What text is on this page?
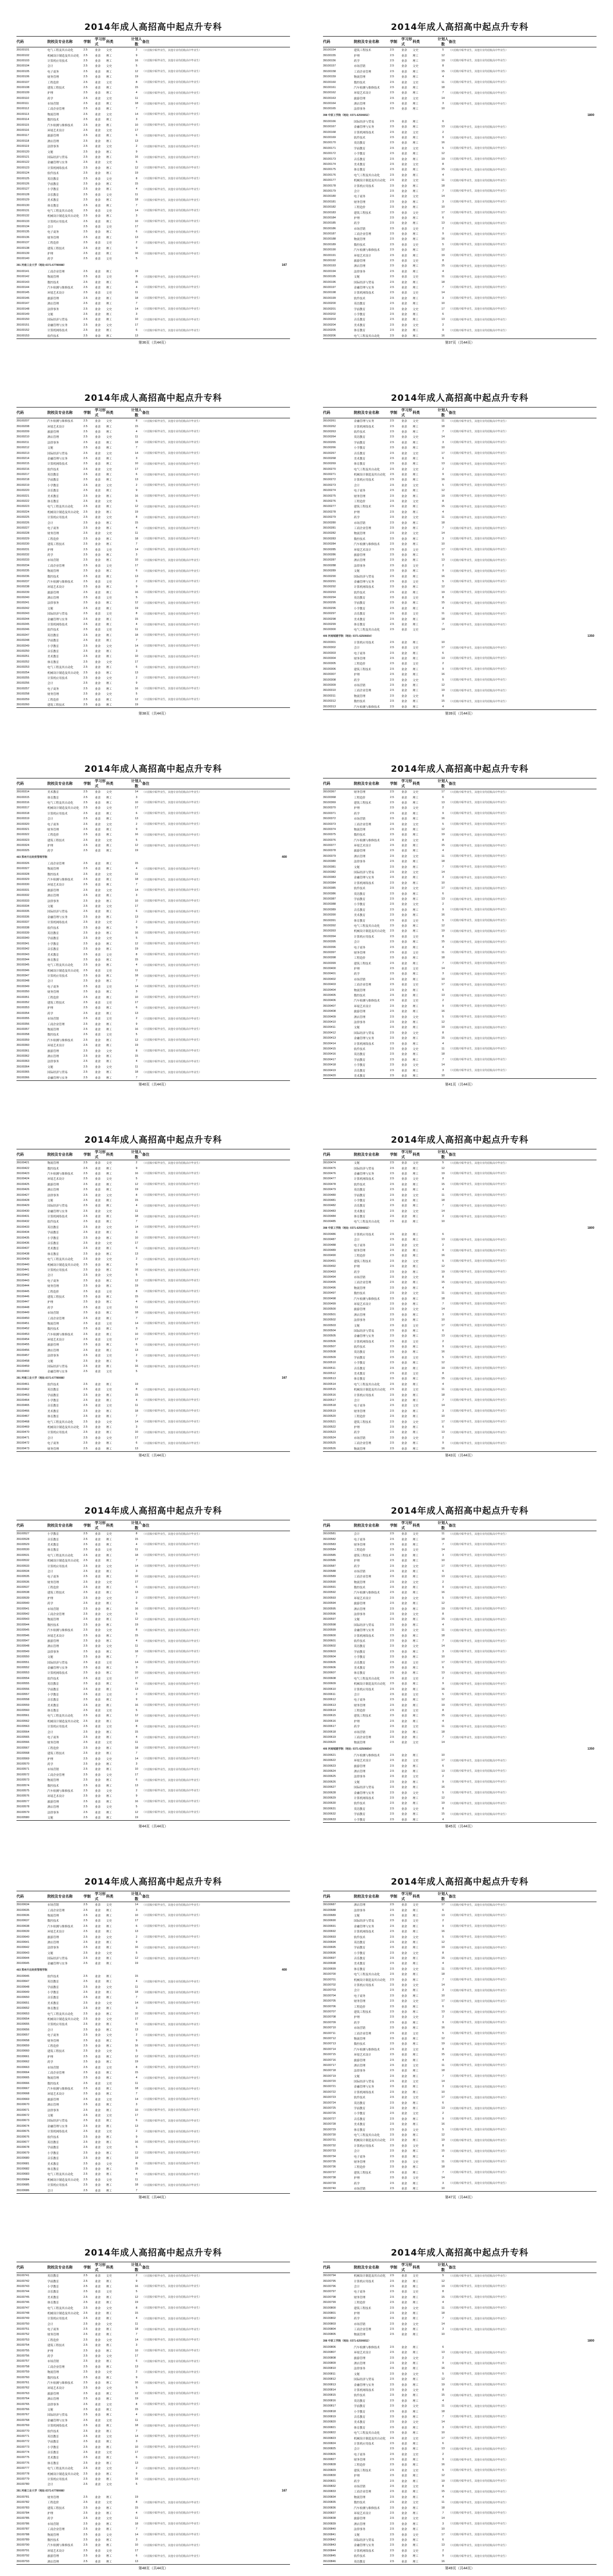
2014年成人高招高中起点升专科
代码	院校及专业名称	学制
学习形式
科类
计划人数
备注
39100101	电气工程及其自动化	2.5	业余	文史	2	（只招收中职毕业生，其他专业均招收高中毕业生）
39100102	机械设计制造及其自动化	2.5	业余	理工	9
39100103	计算机应用技术	2.5	业余	理工	16	（只招收中职毕业生，其他专业均招收高中毕业生）
39100104	会计	2.5	业余	文史	5
39100105	电子商务	2.5	业余	理工	12	（只招收中职毕业生，其他专业均招收高中毕业生）
39100106	财务管理	2.5	业余	理工	19
39100107	工程造价	2.5	业余	文史	8	（只招收中职毕业生，其他专业均招收高中毕业生）
39100108	建筑工程技术	2.5	业余	理工	15
39100109	护理	2.5	业余	理工	4	（只招收中职毕业生，其他专业均招收高中毕业生）
39100110	药学	2.5	业余	文史	11
39100111	市场营销	2.5	业余	理工	18	（只招收中职毕业生，其他专业均招收高中毕业生）
39100112	工商企业管理	2.5	业余	理工	7
39100113	物流管理	2.5	业余	文史	14	（只招收中职毕业生，其他专业均招收高中毕业生）
39100114	数控技术	2.5	业余	理工	3
39100115	汽车检测与维修技术	2.5	业余	理工	10	（只招收中职毕业生，其他专业均招收高中毕业生）
39100116	环境艺术设计	2.5	业余	文史	17
39100117	旅游管理	2.5	业余	理工	6	（只招收中职毕业生，其他专业均招收高中毕业生）
39100118	酒店管理	2.5	业余	理工	13
39100119	法律事务	2.5	业余	文史	2	（只招收中职毕业生，其他专业均招收高中毕业生）
39100120	文秘	2.5	业余	理工	9
39100121	国际经济与贸易	2.5	业余	理工	16	（只招收中职毕业生，其他专业均招收高中毕业生）
39100122	金融管理与实务	2.5	业余	文史	5
39100123	计算机网络技术	2.5	业余	理工	12	（只招收中职毕业生，其他专业均招收高中毕业生）
39100124	软件技术	2.5	业余	理工	19
39100125	英语教育	2.5	业余	文史	8	（只招收中职毕业生，其他专业均招收高中毕业生）
39100126	学前教育	2.5	业余	理工	15
39100127	小学教育	2.5	业余	理工	4	（只招收中职毕业生，其他专业均招收高中毕业生）
39100128	音乐教育	2.5	业余	文史	11
39100129	美术教育	2.5	业余	理工	18	（只招收中职毕业生，其他专业均招收高中毕业生）
39100130	体育教育	2.5	业余	理工	7
39100131	电气工程及其自动化	2.5	业余	文史	14	（只招收中职毕业生，其他专业均招收高中毕业生）
39100132	机械设计制造及其自动化	2.5	业余	理工	3
39100133	计算机应用技术	2.5	业余	理工	10	（只招收中职毕业生，其他专业均招收高中毕业生）
39100134	会计	2.5	业余	文史	17
39100135	电子商务	2.5	业余	理工	6	（只招收中职毕业生，其他专业均招收高中毕业生）
39100136	财务管理	2.5	业余	理工	13
39100137	工程造价	2.5	业余	文史	2	（只招收中职毕业生，其他专业均招收高中毕业生）
39100138	建筑工程技术	2.5	业余	理工	9
39100139	护理	2.5	业余	理工	16	（只招收中职毕业生，其他专业均招收高中毕业生）
39100140	药学	2.5	业余	文史	5
391 河南工业大学（地址:0371-67789088）	167
39100141	工商企业管理	2.5	业余	理工	19
39100142	物流管理	2.5	业余	文史	8	（只招收中职毕业生，其他专业均招收高中毕业生）
39100143	数控技术	2.5	业余	理工	15
39100144	汽车检测与维修技术	2.5	业余	理工	4	（只招收中职毕业生，其他专业均招收高中毕业生）
39100145	环境艺术设计	2.5	业余	文史	11
39100146	旅游管理	2.5	业余	理工	18	（只招收中职毕业生，其他专业均招收高中毕业生）
39100147	酒店管理	2.5	业余	理工	7
39100148	法律事务	2.5	业余	文史	14	（只招收中职毕业生，其他专业均招收高中毕业生）
39100149	文秘	2.5	业余	理工	3
39100150	国际经济与贸易	2.5	业余	理工	10	（只招收中职毕业生，其他专业均招收高中毕业生）
39100151	金融管理与实务	2.5	业余	文史	17
39100152	计算机网络技术	2.5	业余	理工	6	（只招收中职毕业生，其他专业均招收高中毕业生）
39100153	软件技术	2.5	业余	理工	13
第36页（共44页）
2014年成人高招高中起点升专科
代码	院校及专业名称	学制
学习形式
科类
计划人数
备注
39100154	建筑工程技术	2.5	业余	文史	5	（只招收中职毕业生，其他专业均招收高中毕业生）
39100155	护理	2.5	业余	理工	12
39100156	药学	2.5	业余	理工	19	（只招收中职毕业生，其他专业均招收高中毕业生）
39100157	市场营销	2.5	业余	文史	8
39100158	工商企业管理	2.5	业余	理工	15	（只招收中职毕业生，其他专业均招收高中毕业生）
39100159	物流管理	2.5	业余	理工	4
39100160	数控技术	2.5	业余	文史	11	（只招收中职毕业生，其他专业均招收高中毕业生）
39100161	汽车检测与维修技术	2.5	业余	理工	18
39100162	环境艺术设计	2.5	业余	理工	7	（只招收中职毕业生，其他专业均招收高中毕业生）
39100163	旅游管理	2.5	业余	文史	14
39100164	酒店管理	2.5	业余	理工	3	（只招收中职毕业生，其他专业均招收高中毕业生）
39100165	法律事务	2.5	业余	理工	10
398 中原工学院（地址: 0371-62506652）	1800
39100166	国际经济与贸易	2.5	业余	理工	6
39100167	金融管理与实务	2.5	业余	理工	13	（只招收中职毕业生，其他专业均招收高中毕业生）
39100168	计算机网络技术	2.5	业余	文史	2
39100169	软件技术	2.5	业余	理工	9	（只招收中职毕业生，其他专业均招收高中毕业生）
39100170	英语教育	2.5	业余	理工	16
39100171	学前教育	2.5	业余	文史	5	（只招收中职毕业生，其他专业均招收高中毕业生）
39100172	小学教育	2.5	业余	理工	12
39100173	音乐教育	2.5	业余	理工	19	（只招收中职毕业生，其他专业均招收高中毕业生）
39100174	美术教育	2.5	业余	文史	8
39100175	体育教育	2.5	业余	理工	15	（只招收中职毕业生，其他专业均招收高中毕业生）
39100176	电气工程及其自动化	2.5	业余	理工	4
39100177	机械设计制造及其自动化	2.5	业余	文史	11	（只招收中职毕业生，其他专业均招收高中毕业生）
39100178	计算机应用技术	2.5	业余	理工	18
39100179	会计	2.5	业余	理工	7	（只招收中职毕业生，其他专业均招收高中毕业生）
39100180	电子商务	2.5	业余	文史	14
39100181	财务管理	2.5	业余	理工	3	（只招收中职毕业生，其他专业均招收高中毕业生）
39100182	工程造价	2.5	业余	理工	10
39100183	建筑工程技术	2.5	业余	文史	17	（只招收中职毕业生，其他专业均招收高中毕业生）
39100184	护理	2.5	业余	理工	6
39100185	药学	2.5	业余	理工	13	（只招收中职毕业生，其他专业均招收高中毕业生）
39100186	市场营销	2.5	业余	文史	2
39100187	工商企业管理	2.5	业余	理工	9	（只招收中职毕业生，其他专业均招收高中毕业生）
39100188	物流管理	2.5	业余	理工	16
39100189	数控技术	2.5	业余	文史	5	（只招收中职毕业生，其他专业均招收高中毕业生）
39100190	汽车检测与维修技术	2.5	业余	理工	12
39100191	环境艺术设计	2.5	业余	理工	19	（只招收中职毕业生，其他专业均招收高中毕业生）
39100192	旅游管理	2.5	业余	文史	8
39100193	酒店管理	2.5	业余	理工	15	（只招收中职毕业生，其他专业均招收高中毕业生）
39100194	法律事务	2.5	业余	理工	4
39100195	文秘	2.5	业余	文史	11	（只招收中职毕业生，其他专业均招收高中毕业生）
39100196	国际经济与贸易	2.5	业余	理工	18
39100197	金融管理与实务	2.5	业余	理工	7	（只招收中职毕业生，其他专业均招收高中毕业生）
39100198	计算机网络技术	2.5	业余	文史	14
39100199	软件技术	2.5	业余	理工	3	（只招收中职毕业生，其他专业均招收高中毕业生）
39100200	英语教育	2.5	业余	理工	10
39100201	学前教育	2.5	业余	文史	17	（只招收中职毕业生，其他专业均招收高中毕业生）
39100202	小学教育	2.5	业余	理工	6
39100203	音乐教育	2.5	业余	理工	13	（只招收中职毕业生，其他专业均招收高中毕业生）
39100204	美术教育	2.5	业余	文史	2
39100205	体育教育	2.5	业余	理工	9	（只招收中职毕业生，其他专业均招收高中毕业生）
39100206	电气工程及其自动化	2.5	业余	理工	16
第37页（共44页）
2014年成人高招高中起点升专科
代码	院校及专业名称	学制
学习形式
科类
计划人数
备注
39100207	汽车检测与维修技术	2.5	业余	文史	8	（只招收中职毕业生，其他专业均招收高中毕业生）
39100208	环境艺术设计	2.5	业余	理工	15
39100209	旅游管理	2.5	业余	理工	4	（只招收中职毕业生，其他专业均招收高中毕业生）
39100210	酒店管理	2.5	业余	文史	11
39100211	法律事务	2.5	业余	理工	18	（只招收中职毕业生，其他专业均招收高中毕业生）
39100212	文秘	2.5	业余	理工	7
39100213	国际经济与贸易	2.5	业余	文史	14	（只招收中职毕业生，其他专业均招收高中毕业生）
39100214	金融管理与实务	2.5	业余	理工	3
39100215	计算机网络技术	2.5	业余	理工	10	（只招收中职毕业生，其他专业均招收高中毕业生）
39100216	软件技术	2.5	业余	文史	17
39100217	英语教育	2.5	业余	理工	6	（只招收中职毕业生，其他专业均招收高中毕业生）
39100218	学前教育	2.5	业余	理工	13
39100219	小学教育	2.5	业余	文史	2	（只招收中职毕业生，其他专业均招收高中毕业生）
39100220	音乐教育	2.5	业余	理工	9
39100221	美术教育	2.5	业余	理工	16	（只招收中职毕业生，其他专业均招收高中毕业生）
39100222	体育教育	2.5	业余	文史	5
39100223	电气工程及其自动化	2.5	业余	理工	12	（只招收中职毕业生，其他专业均招收高中毕业生）
39100224	机械设计制造及其自动化	2.5	业余	理工	19
39100225	计算机应用技术	2.5	业余	文史	8	（只招收中职毕业生，其他专业均招收高中毕业生）
39100226	会计	2.5	业余	理工	15
39100227	电子商务	2.5	业余	理工	4	（只招收中职毕业生，其他专业均招收高中毕业生）
39100228	财务管理	2.5	业余	文史	11
39100229	工程造价	2.5	业余	理工	18	（只招收中职毕业生，其他专业均招收高中毕业生）
39100230	建筑工程技术	2.5	业余	理工	7
39100231	护理	2.5	业余	文史	14	（只招收中职毕业生，其他专业均招收高中毕业生）
39100232	药学	2.5	业余	理工	3
39100233	市场营销	2.5	业余	理工	10	（只招收中职毕业生，其他专业均招收高中毕业生）
39100234	工商企业管理	2.5	业余	文史	17
39100235	物流管理	2.5	业余	理工	6	（只招收中职毕业生，其他专业均招收高中毕业生）
39100236	数控技术	2.5	业余	理工	13
39100237	汽车检测与维修技术	2.5	业余	文史	2	（只招收中职毕业生，其他专业均招收高中毕业生）
39100238	环境艺术设计	2.5	业余	理工	9
39100239	旅游管理	2.5	业余	理工	16	（只招收中职毕业生，其他专业均招收高中毕业生）
39100240	酒店管理	2.5	业余	文史	5
39100241	法律事务	2.5	业余	理工	12	（只招收中职毕业生，其他专业均招收高中毕业生）
39100242	文秘	2.5	业余	理工	19
39100243	国际经济与贸易	2.5	业余	文史	8	（只招收中职毕业生，其他专业均招收高中毕业生）
39100244	金融管理与实务	2.5	业余	理工	15
39100245	计算机网络技术	2.5	业余	理工	4	（只招收中职毕业生，其他专业均招收高中毕业生）
39100246	软件技术	2.5	业余	文史	11
39100247	英语教育	2.5	业余	理工	18	（只招收中职毕业生，其他专业均招收高中毕业生）
39100248	学前教育	2.5	业余	理工	7
39100249	小学教育	2.5	业余	文史	14	（只招收中职毕业生，其他专业均招收高中毕业生）
39100250	音乐教育	2.5	业余	理工	3
39100251	美术教育	2.5	业余	理工	10	（只招收中职毕业生，其他专业均招收高中毕业生）
39100252	体育教育	2.5	业余	文史	17
39100253	电气工程及其自动化	2.5	业余	理工	6	（只招收中职毕业生，其他专业均招收高中毕业生）
39100254	机械设计制造及其自动化	2.5	业余	理工	13
39100255	计算机应用技术	2.5	业余	文史	2	（只招收中职毕业生，其他专业均招收高中毕业生）
39100256	会计	2.5	业余	理工	9
39100257	电子商务	2.5	业余	理工	16	（只招收中职毕业生，其他专业均招收高中毕业生）
39100258	财务管理	2.5	业余	文史	5
39100259	工程造价	2.5	业余	理工	12	（只招收中职毕业生，其他专业均招收高中毕业生）
39100260	建筑工程技术	2.5	业余	理工	19
第38页（共44页）
2014年成人高招高中起点升专科
代码	院校及专业名称	学制
学习形式
科类
计划人数
备注
39100261	金融管理与实务	2.5	业余	文史	11	（只招收中职毕业生，其他专业均招收高中毕业生）
39100262	计算机网络技术	2.5	业余	理工	18
39100263	软件技术	2.5	业余	理工	7	（只招收中职毕业生，其他专业均招收高中毕业生）
39100264	英语教育	2.5	业余	文史	14
39100265	学前教育	2.5	业余	理工	3	（只招收中职毕业生，其他专业均招收高中毕业生）
39100266	小学教育	2.5	业余	理工	10
39100267	音乐教育	2.5	业余	文史	17	（只招收中职毕业生，其他专业均招收高中毕业生）
39100268	美术教育	2.5	业余	理工	6
39100269	体育教育	2.5	业余	理工	13	（只招收中职毕业生，其他专业均招收高中毕业生）
39100270	电气工程及其自动化	2.5	业余	文史	2
39100271	机械设计制造及其自动化	2.5	业余	理工	9	（只招收中职毕业生，其他专业均招收高中毕业生）
39100272	计算机应用技术	2.5	业余	理工	16
39100273	会计	2.5	业余	文史	5	（只招收中职毕业生，其他专业均招收高中毕业生）
39100274	电子商务	2.5	业余	理工	12
39100275	财务管理	2.5	业余	理工	19	（只招收中职毕业生，其他专业均招收高中毕业生）
39100276	工程造价	2.5	业余	文史	8
39100277	建筑工程技术	2.5	业余	理工	15	（只招收中职毕业生，其他专业均招收高中毕业生）
39100278	护理	2.5	业余	理工	4
39100279	药学	2.5	业余	文史	11	（只招收中职毕业生，其他专业均招收高中毕业生）
39100280	市场营销	2.5	业余	理工	18
39100281	工商企业管理	2.5	业余	理工	7	（只招收中职毕业生，其他专业均招收高中毕业生）
39100282	物流管理	2.5	业余	文史	14
39100283	数控技术	2.5	业余	理工	3	（只招收中职毕业生，其他专业均招收高中毕业生）
39100284	汽车检测与维修技术	2.5	业余	理工	10
39100285	环境艺术设计	2.5	业余	文史	17	（只招收中职毕业生，其他专业均招收高中毕业生）
39100286	旅游管理	2.5	业余	理工	6
39100287	酒店管理	2.5	业余	理工	13	（只招收中职毕业生，其他专业均招收高中毕业生）
39100288	法律事务	2.5	业余	文史	2
39100289	文秘	2.5	业余	理工	9	（只招收中职毕业生，其他专业均招收高中毕业生）
39100290	国际经济与贸易	2.5	业余	理工	16
39100291	金融管理与实务	2.5	业余	文史	5	（只招收中职毕业生，其他专业均招收高中毕业生）
39100292	计算机网络技术	2.5	业余	理工	12
39100293	软件技术	2.5	业余	理工	19	（只招收中职毕业生，其他专业均招收高中毕业生）
39100294	英语教育	2.5	业余	文史	8
39100295	学前教育	2.5	业余	理工	15	（只招收中职毕业生，其他专业均招收高中毕业生）
39100296	小学教育	2.5	业余	理工	4
39100297	音乐教育	2.5	业余	文史	11	（只招收中职毕业生，其他专业均招收高中毕业生）
39100298	美术教育	2.5	业余	理工	18
39100299	体育教育	2.5	业余	理工	7	（只招收中职毕业生，其他专业均招收高中毕业生）
39100300	电气工程及其自动化	2.5	业余	文史	14
406 河南城建学院（地址: 0371-62506654）	1350
39100301	计算机应用技术	2.5	业余	理工	10
39100302	会计	2.5	业余	文史	17	（只招收中职毕业生，其他专业均招收高中毕业生）
39100303	电子商务	2.5	业余	理工	6
39100304	财务管理	2.5	业余	理工	13	（只招收中职毕业生，其他专业均招收高中毕业生）
39100305	工程造价	2.5	业余	文史	2
39100306	建筑工程技术	2.5	业余	理工	9	（只招收中职毕业生，其他专业均招收高中毕业生）
39100307	护理	2.5	业余	理工	16
39100308	药学	2.5	业余	文史	5	（只招收中职毕业生，其他专业均招收高中毕业生）
39100309	市场营销	2.5	业余	理工	12
39100310	工商企业管理	2.5	业余	理工	19	（只招收中职毕业生，其他专业均招收高中毕业生）
39100311	物流管理	2.5	业余	文史	8
39100312	数控技术	2.5	业余	理工	15	（只招收中职毕业生，其他专业均招收高中毕业生）
39100313	汽车检测与维修技术	2.5	业余	理工	4
第39页（共44页）
2014年成人高招高中起点升专科
代码	院校及专业名称	学制
学习形式
科类
计划人数
备注
39100314	美术教育	2.5	业余	文史	14	（只招收中职毕业生，其他专业均招收高中毕业生）
39100315	体育教育	2.5	业余	理工	3
39100316	电气工程及其自动化	2.5	业余	理工	10	（只招收中职毕业生，其他专业均招收高中毕业生）
39100317	机械设计制造及其自动化	2.5	业余	文史	17
39100318	计算机应用技术	2.5	业余	理工	6	（只招收中职毕业生，其他专业均招收高中毕业生）
39100319	会计	2.5	业余	理工	13
39100320	电子商务	2.5	业余	文史	2	（只招收中职毕业生，其他专业均招收高中毕业生）
39100321	财务管理	2.5	业余	理工	9
39100322	工程造价	2.5	业余	理工	16	（只招收中职毕业生，其他专业均招收高中毕业生）
39100323	建筑工程技术	2.5	业余	文史	5
39100324	护理	2.5	业余	理工	12	（只招收中职毕业生，其他专业均招收高中毕业生）
39100325	药学	2.5	业余	理工	19
403 郑州升达经贸管理学院	400
39100326	工商企业管理	2.5	业余	理工	15
39100327	物流管理	2.5	业余	理工	4	（只招收中职毕业生，其他专业均招收高中毕业生）
39100328	数控技术	2.5	业余	文史	11
39100329	汽车检测与维修技术	2.5	业余	理工	18	（只招收中职毕业生，其他专业均招收高中毕业生）
39100330	环境艺术设计	2.5	业余	理工	7
39100331	旅游管理	2.5	业余	文史	14	（只招收中职毕业生，其他专业均招收高中毕业生）
39100332	酒店管理	2.5	业余	理工	3
39100333	法律事务	2.5	业余	理工	10	（只招收中职毕业生，其他专业均招收高中毕业生）
39100334	文秘	2.5	业余	文史	17
39100335	国际经济与贸易	2.5	业余	理工	6	（只招收中职毕业生，其他专业均招收高中毕业生）
39100336	金融管理与实务	2.5	业余	理工	13
39100337	计算机网络技术	2.5	业余	文史	2	（只招收中职毕业生，其他专业均招收高中毕业生）
39100338	软件技术	2.5	业余	理工	9
39100339	英语教育	2.5	业余	理工	16	（只招收中职毕业生，其他专业均招收高中毕业生）
39100340	学前教育	2.5	业余	文史	5
39100341	小学教育	2.5	业余	理工	12	（只招收中职毕业生，其他专业均招收高中毕业生）
39100342	音乐教育	2.5	业余	理工	19
39100343	美术教育	2.5	业余	文史	8	（只招收中职毕业生，其他专业均招收高中毕业生）
39100344	体育教育	2.5	业余	理工	15
39100345	电气工程及其自动化	2.5	业余	理工	4	（只招收中职毕业生，其他专业均招收高中毕业生）
39100346	机械设计制造及其自动化	2.5	业余	文史	11
39100347	计算机应用技术	2.5	业余	理工	18	（只招收中职毕业生，其他专业均招收高中毕业生）
39100348	会计	2.5	业余	理工	7
39100349	电子商务	2.5	业余	文史	14	（只招收中职毕业生，其他专业均招收高中毕业生）
39100350	财务管理	2.5	业余	理工	3
39100351	工程造价	2.5	业余	理工	10	（只招收中职毕业生，其他专业均招收高中毕业生）
39100352	建筑工程技术	2.5	业余	文史	17
39100353	护理	2.5	业余	理工	6	（只招收中职毕业生，其他专业均招收高中毕业生）
39100354	药学	2.5	业余	理工	13
39100355	市场营销	2.5	业余	文史	2	（只招收中职毕业生，其他专业均招收高中毕业生）
39100356	工商企业管理	2.5	业余	理工	9
39100357	物流管理	2.5	业余	理工	16	（只招收中职毕业生，其他专业均招收高中毕业生）
39100358	数控技术	2.5	业余	文史	5
39100359	汽车检测与维修技术	2.5	业余	理工	12	（只招收中职毕业生，其他专业均招收高中毕业生）
39100360	环境艺术设计	2.5	业余	理工	19
39100361	旅游管理	2.5	业余	文史	8	（只招收中职毕业生，其他专业均招收高中毕业生）
39100362	酒店管理	2.5	业余	理工	15
39100363	法律事务	2.5	业余	理工	4	（只招收中职毕业生，其他专业均招收高中毕业生）
39100364	文秘	2.5	业余	文史	11
39100365	国际经济与贸易	2.5	业余	理工	18	（只招收中职毕业生，其他专业均招收高中毕业生）
39100366	金融管理与实务	2.5	业余	理工	7
第40页（共44页）
2014年成人高招高中起点升专科
代码	院校及专业名称	学制
学习形式
科类
计划人数
备注
39100367	财务管理	2.5	业余	文史	17	（只招收中职毕业生，其他专业均招收高中毕业生）
39100368	工程造价	2.5	业余	理工	6
39100369	建筑工程技术	2.5	业余	理工	13	（只招收中职毕业生，其他专业均招收高中毕业生）
39100370	护理	2.5	业余	文史	2
39100371	药学	2.5	业余	理工	9	（只招收中职毕业生，其他专业均招收高中毕业生）
39100372	市场营销	2.5	业余	理工	16
39100373	工商企业管理	2.5	业余	文史	5	（只招收中职毕业生，其他专业均招收高中毕业生）
39100374	物流管理	2.5	业余	理工	12
39100375	数控技术	2.5	业余	理工	19	（只招收中职毕业生，其他专业均招收高中毕业生）
39100376	汽车检测与维修技术	2.5	业余	文史	8
39100377	环境艺术设计	2.5	业余	理工	15	（只招收中职毕业生，其他专业均招收高中毕业生）
39100378	旅游管理	2.5	业余	理工	4
39100379	酒店管理	2.5	业余	文史	11	（只招收中职毕业生，其他专业均招收高中毕业生）
39100380	法律事务	2.5	业余	理工	18
39100381	文秘	2.5	业余	理工	7	（只招收中职毕业生，其他专业均招收高中毕业生）
39100382	国际经济与贸易	2.5	业余	文史	14
39100383	金融管理与实务	2.5	业余	理工	3	（只招收中职毕业生，其他专业均招收高中毕业生）
39100384	计算机网络技术	2.5	业余	理工	10
39100385	软件技术	2.5	业余	文史	17	（只招收中职毕业生，其他专业均招收高中毕业生）
39100386	英语教育	2.5	业余	理工	6
39100387	学前教育	2.5	业余	理工	13	（只招收中职毕业生，其他专业均招收高中毕业生）
39100388	小学教育	2.5	业余	文史	2
39100389	音乐教育	2.5	业余	理工	9	（只招收中职毕业生，其他专业均招收高中毕业生）
39100390	美术教育	2.5	业余	理工	16
39100391	体育教育	2.5	业余	文史	5	（只招收中职毕业生，其他专业均招收高中毕业生）
39100392	电气工程及其自动化	2.5	业余	理工	12
39100393	机械设计制造及其自动化	2.5	业余	理工	19	（只招收中职毕业生，其他专业均招收高中毕业生）
39100394	计算机应用技术	2.5	业余	文史	8
39100395	会计	2.5	业余	理工	15	（只招收中职毕业生，其他专业均招收高中毕业生）
39100396	电子商务	2.5	业余	理工	4
39100397	财务管理	2.5	业余	文史	11	（只招收中职毕业生，其他专业均招收高中毕业生）
39100398	工程造价	2.5	业余	理工	18
39100399	建筑工程技术	2.5	业余	理工	7	（只招收中职毕业生，其他专业均招收高中毕业生）
39100400	护理	2.5	业余	文史	14
39100401	药学	2.5	业余	理工	3	（只招收中职毕业生，其他专业均招收高中毕业生）
39100402	市场营销	2.5	业余	理工	10
39100403	工商企业管理	2.5	业余	文史	17	（只招收中职毕业生，其他专业均招收高中毕业生）
39100404	物流管理	2.5	业余	理工	6
39100405	数控技术	2.5	业余	理工	13	（只招收中职毕业生，其他专业均招收高中毕业生）
39100406	汽车检测与维修技术	2.5	业余	文史	2
39100407	环境艺术设计	2.5	业余	理工	9	（只招收中职毕业生，其他专业均招收高中毕业生）
39100408	旅游管理	2.5	业余	理工	16
39100409	酒店管理	2.5	业余	文史	5	（只招收中职毕业生，其他专业均招收高中毕业生）
39100410	法律事务	2.5	业余	理工	12
39100411	文秘	2.5	业余	理工	19	（只招收中职毕业生，其他专业均招收高中毕业生）
39100412	国际经济与贸易	2.5	业余	文史	8
39100413	金融管理与实务	2.5	业余	理工	15	（只招收中职毕业生，其他专业均招收高中毕业生）
39100414	计算机网络技术	2.5	业余	理工	4
39100415	软件技术	2.5	业余	文史	11	（只招收中职毕业生，其他专业均招收高中毕业生）
39100416	英语教育	2.5	业余	理工	18
39100417	学前教育	2.5	业余	理工	7	（只招收中职毕业生，其他专业均招收高中毕业生）
39100418	小学教育	2.5	业余	文史	14
39100419	音乐教育	2.5	业余	理工	3	（只招收中职毕业生，其他专业均招收高中毕业生）
39100420	美术教育	2.5	业余	理工	10
第41页（共44页）
2014年成人高招高中起点升专科
代码	院校及专业名称	学制
学习形式
科类
计划人数
备注
39100421	物流管理	2.5	业余	文史	2	（只招收中职毕业生，其他专业均招收高中毕业生）
39100422	数控技术	2.5	业余	理工	9
39100423	汽车检测与维修技术	2.5	业余	理工	16	（只招收中职毕业生，其他专业均招收高中毕业生）
39100424	环境艺术设计	2.5	业余	文史	5
39100425	旅游管理	2.5	业余	理工	12	（只招收中职毕业生，其他专业均招收高中毕业生）
39100426	酒店管理	2.5	业余	理工	19
39100427	法律事务	2.5	业余	文史	8	（只招收中职毕业生，其他专业均招收高中毕业生）
39100428	文秘	2.5	业余	理工	15
39100429	国际经济与贸易	2.5	业余	理工	4	（只招收中职毕业生，其他专业均招收高中毕业生）
39100430	金融管理与实务	2.5	业余	文史	11
39100431	计算机网络技术	2.5	业余	理工	18	（只招收中职毕业生，其他专业均招收高中毕业生）
39100432	软件技术	2.5	业余	理工	7
39100433	英语教育	2.5	业余	文史	14	（只招收中职毕业生，其他专业均招收高中毕业生）
39100434	学前教育	2.5	业余	理工	3
39100435	小学教育	2.5	业余	理工	10	（只招收中职毕业生，其他专业均招收高中毕业生）
39100436	音乐教育	2.5	业余	文史	17
39100437	美术教育	2.5	业余	理工	6	（只招收中职毕业生，其他专业均招收高中毕业生）
39100438	体育教育	2.5	业余	理工	13
39100439	电气工程及其自动化	2.5	业余	文史	2	（只招收中职毕业生，其他专业均招收高中毕业生）
39100440	机械设计制造及其自动化	2.5	业余	理工	9
39100441	计算机应用技术	2.5	业余	理工	16	（只招收中职毕业生，其他专业均招收高中毕业生）
39100442	会计	2.5	业余	文史	5
39100443	电子商务	2.5	业余	理工	12	（只招收中职毕业生，其他专业均招收高中毕业生）
39100444	财务管理	2.5	业余	理工	19
39100445	工程造价	2.5	业余	文史	8	（只招收中职毕业生，其他专业均招收高中毕业生）
39100446	建筑工程技术	2.5	业余	理工	15
39100447	护理	2.5	业余	理工	4	（只招收中职毕业生，其他专业均招收高中毕业生）
39100448	药学	2.5	业余	文史	11
39100449	市场营销	2.5	业余	理工	18	（只招收中职毕业生，其他专业均招收高中毕业生）
39100450	工商企业管理	2.5	业余	理工	7
39100451	物流管理	2.5	业余	文史	14	（只招收中职毕业生，其他专业均招收高中毕业生）
39100452	数控技术	2.5	业余	理工	3
39100453	汽车检测与维修技术	2.5	业余	理工	10	（只招收中职毕业生，其他专业均招收高中毕业生）
39100454	环境艺术设计	2.5	业余	文史	17
39100455	旅游管理	2.5	业余	理工	6	（只招收中职毕业生，其他专业均招收高中毕业生）
39100456	酒店管理	2.5	业余	理工	13
39100457	法律事务	2.5	业余	文史	2	（只招收中职毕业生，其他专业均招收高中毕业生）
39100458	文秘	2.5	业余	理工	9
39100459	国际经济与贸易	2.5	业余	理工	16	（只招收中职毕业生，其他专业均招收高中毕业生）
39100460	金融管理与实务	2.5	业余	文史	5
391 河南工业大学（地址:0371-67789088）	167
39100461	软件技术	2.5	业余	理工	19
39100462	英语教育	2.5	业余	文史	8	（只招收中职毕业生，其他专业均招收高中毕业生）
39100463	学前教育	2.5	业余	理工	15
39100464	小学教育	2.5	业余	理工	4	（只招收中职毕业生，其他专业均招收高中毕业生）
39100465	音乐教育	2.5	业余	文史	11
39100466	美术教育	2.5	业余	理工	18	（只招收中职毕业生，其他专业均招收高中毕业生）
39100467	体育教育	2.5	业余	理工	7
39100468	电气工程及其自动化	2.5	业余	文史	14	（只招收中职毕业生，其他专业均招收高中毕业生）
39100469	机械设计制造及其自动化	2.5	业余	理工	3
39100470	计算机应用技术	2.5	业余	理工	10	（只招收中职毕业生，其他专业均招收高中毕业生）
39100471	会计	2.5	业余	文史	17
39100472	电子商务	2.5	业余	理工	6	（只招收中职毕业生，其他专业均招收高中毕业生）
39100473	财务管理	2.5	业余	理工	13
第42页（共44页）
2014年成人高招高中起点升专科
代码	院校及专业名称	学制
学习形式
科类
计划人数
备注
39100474	文秘	2.5	业余	文史	5	（只招收中职毕业生，其他专业均招收高中毕业生）
39100475	国际经济与贸易	2.5	业余	理工	12
39100476	金融管理与实务	2.5	业余	理工	19	（只招收中职毕业生，其他专业均招收高中毕业生）
39100477	计算机网络技术	2.5	业余	文史	8
39100478	软件技术	2.5	业余	理工	15	（只招收中职毕业生，其他专业均招收高中毕业生）
39100479	英语教育	2.5	业余	理工	4
39100480	学前教育	2.5	业余	文史	11	（只招收中职毕业生，其他专业均招收高中毕业生）
39100481	小学教育	2.5	业余	理工	18
39100482	音乐教育	2.5	业余	理工	7	（只招收中职毕业生，其他专业均招收高中毕业生）
39100483	美术教育	2.5	业余	文史	14
39100484	体育教育	2.5	业余	理工	3	（只招收中职毕业生，其他专业均招收高中毕业生）
39100485	电气工程及其自动化	2.5	业余	理工	10
398 中原工学院（地址: 0371-62506652）	1800
39100486	计算机应用技术	2.5	业余	理工	6
39100487	会计	2.5	业余	理工	13	（只招收中职毕业生，其他专业均招收高中毕业生）
39100488	电子商务	2.5	业余	文史	2
39100489	财务管理	2.5	业余	理工	9	（只招收中职毕业生，其他专业均招收高中毕业生）
39100490	工程造价	2.5	业余	理工	16
39100491	建筑工程技术	2.5	业余	文史	5	（只招收中职毕业生，其他专业均招收高中毕业生）
39100492	护理	2.5	业余	理工	12
39100493	药学	2.5	业余	理工	19	（只招收中职毕业生，其他专业均招收高中毕业生）
39100494	市场营销	2.5	业余	文史	8
39100495	工商企业管理	2.5	业余	理工	15	（只招收中职毕业生，其他专业均招收高中毕业生）
39100496	物流管理	2.5	业余	理工	4
39100497	数控技术	2.5	业余	文史	11	（只招收中职毕业生，其他专业均招收高中毕业生）
39100498	汽车检测与维修技术	2.5	业余	理工	18
39100499	环境艺术设计	2.5	业余	理工	7	（只招收中职毕业生，其他专业均招收高中毕业生）
39100500	旅游管理	2.5	业余	文史	14
39100501	酒店管理	2.5	业余	理工	3	（只招收中职毕业生，其他专业均招收高中毕业生）
39100502	法律事务	2.5	业余	理工	10
39100503	文秘	2.5	业余	文史	17	（只招收中职毕业生，其他专业均招收高中毕业生）
39100504	国际经济与贸易	2.5	业余	理工	6
39100505	金融管理与实务	2.5	业余	理工	13	（只招收中职毕业生，其他专业均招收高中毕业生）
39100506	计算机网络技术	2.5	业余	文史	2
39100507	软件技术	2.5	业余	理工	9	（只招收中职毕业生，其他专业均招收高中毕业生）
39100508	英语教育	2.5	业余	理工	16
39100509	学前教育	2.5	业余	文史	5	（只招收中职毕业生，其他专业均招收高中毕业生）
39100510	小学教育	2.5	业余	理工	12
39100511	音乐教育	2.5	业余	理工	19	（只招收中职毕业生，其他专业均招收高中毕业生）
39100512	美术教育	2.5	业余	文史	8
39100513	体育教育	2.5	业余	理工	15	（只招收中职毕业生，其他专业均招收高中毕业生）
39100514	电气工程及其自动化	2.5	业余	理工	4
39100515	机械设计制造及其自动化	2.5	业余	文史	11	（只招收中职毕业生，其他专业均招收高中毕业生）
39100516	计算机应用技术	2.5	业余	理工	18
39100517	会计	2.5	业余	理工	7	（只招收中职毕业生，其他专业均招收高中毕业生）
39100518	电子商务	2.5	业余	文史	14
39100519	财务管理	2.5	业余	理工	3	（只招收中职毕业生，其他专业均招收高中毕业生）
39100520	工程造价	2.5	业余	理工	10
39100521	建筑工程技术	2.5	业余	文史	17	（只招收中职毕业生，其他专业均招收高中毕业生）
39100522	护理	2.5	业余	理工	6
39100523	药学	2.5	业余	理工	13	（只招收中职毕业生，其他专业均招收高中毕业生）
39100524	市场营销	2.5	业余	文史	2
39100525	工商企业管理	2.5	业余	理工	9	（只招收中职毕业生，其他专业均招收高中毕业生）
39100526	物流管理	2.5	业余	理工	16
第43页（共44页）
2014年成人高招高中起点升专科
代码	院校及专业名称	学制
学习形式
科类
计划人数
备注
39100527	小学教育	2.5	业余	文史	8	（只招收中职毕业生，其他专业均招收高中毕业生）
39100528	音乐教育	2.5	业余	理工	15
39100529	美术教育	2.5	业余	理工	4	（只招收中职毕业生，其他专业均招收高中毕业生）
39100530	体育教育	2.5	业余	文史	11
39100531	电气工程及其自动化	2.5	业余	理工	18	（只招收中职毕业生，其他专业均招收高中毕业生）
39100532	机械设计制造及其自动化	2.5	业余	理工	7
39100533	计算机应用技术	2.5	业余	文史	14	（只招收中职毕业生，其他专业均招收高中毕业生）
39100534	会计	2.5	业余	理工	3
39100535	电子商务	2.5	业余	理工	10	（只招收中职毕业生，其他专业均招收高中毕业生）
39100536	财务管理	2.5	业余	文史	17
39100537	工程造价	2.5	业余	理工	6	（只招收中职毕业生，其他专业均招收高中毕业生）
39100538	建筑工程技术	2.5	业余	理工	13
39100539	护理	2.5	业余	文史	2	（只招收中职毕业生，其他专业均招收高中毕业生）
39100540	药学	2.5	业余	理工	9
39100541	市场营销	2.5	业余	理工	16	（只招收中职毕业生，其他专业均招收高中毕业生）
39100542	工商企业管理	2.5	业余	文史	5
39100543	物流管理	2.5	业余	理工	12	（只招收中职毕业生，其他专业均招收高中毕业生）
39100544	数控技术	2.5	业余	理工	19
39100545	汽车检测与维修技术	2.5	业余	文史	8	（只招收中职毕业生，其他专业均招收高中毕业生）
39100546	环境艺术设计	2.5	业余	理工	15
39100547	旅游管理	2.5	业余	理工	4	（只招收中职毕业生，其他专业均招收高中毕业生）
39100548	酒店管理	2.5	业余	文史	11
39100549	法律事务	2.5	业余	理工	18	（只招收中职毕业生，其他专业均招收高中毕业生）
39100550	文秘	2.5	业余	理工	7
39100551	国际经济与贸易	2.5	业余	文史	14	（只招收中职毕业生，其他专业均招收高中毕业生）
39100552	金融管理与实务	2.5	业余	理工	3
39100553	计算机网络技术	2.5	业余	理工	10	（只招收中职毕业生，其他专业均招收高中毕业生）
39100554	软件技术	2.5	业余	文史	17
39100555	英语教育	2.5	业余	理工	6	（只招收中职毕业生，其他专业均招收高中毕业生）
39100556	学前教育	2.5	业余	理工	13
39100557	小学教育	2.5	业余	文史	2	（只招收中职毕业生，其他专业均招收高中毕业生）
39100558	音乐教育	2.5	业余	理工	9
39100559	美术教育	2.5	业余	理工	16	（只招收中职毕业生，其他专业均招收高中毕业生）
39100560	体育教育	2.5	业余	文史	5
39100561	电气工程及其自动化	2.5	业余	理工	12	（只招收中职毕业生，其他专业均招收高中毕业生）
39100562	机械设计制造及其自动化	2.5	业余	理工	19
39100563	计算机应用技术	2.5	业余	文史	8	（只招收中职毕业生，其他专业均招收高中毕业生）
39100564	会计	2.5	业余	理工	15
39100565	电子商务	2.5	业余	理工	4	（只招收中职毕业生，其他专业均招收高中毕业生）
39100566	财务管理	2.5	业余	文史	11
39100567	工程造价	2.5	业余	理工	18	（只招收中职毕业生，其他专业均招收高中毕业生）
39100568	建筑工程技术	2.5	业余	理工	7
39100569	护理	2.5	业余	文史	14	（只招收中职毕业生，其他专业均招收高中毕业生）
39100570	药学	2.5	业余	理工	3
39100571	市场营销	2.5	业余	理工	10	（只招收中职毕业生，其他专业均招收高中毕业生）
39100572	工商企业管理	2.5	业余	文史	17
39100573	物流管理	2.5	业余	理工	6	（只招收中职毕业生，其他专业均招收高中毕业生）
39100574	数控技术	2.5	业余	理工	13
39100575	汽车检测与维修技术	2.5	业余	文史	2	（只招收中职毕业生，其他专业均招收高中毕业生）
39100576	环境艺术设计	2.5	业余	理工	9
39100577	旅游管理	2.5	业余	理工	16	（只招收中职毕业生，其他专业均招收高中毕业生）
39100578	酒店管理	2.5	业余	文史	5
39100579	法律事务	2.5	业余	理工	12	（只招收中职毕业生，其他专业均招收高中毕业生）
39100580	文秘	2.5	业余	理工	19
第44页（共44页）
2014年成人高招高中起点升专科
代码	院校及专业名称	学制
学习形式
科类
计划人数
备注
39100581	会计	2.5	业余	文史	11	（只招收中职毕业生，其他专业均招收高中毕业生）
39100582	电子商务	2.5	业余	理工	18
39100583	财务管理	2.5	业余	理工	7	（只招收中职毕业生，其他专业均招收高中毕业生）
39100584	工程造价	2.5	业余	文史	14
39100585	建筑工程技术	2.5	业余	理工	3	（只招收中职毕业生，其他专业均招收高中毕业生）
39100586	护理	2.5	业余	理工	10
39100587	药学	2.5	业余	文史	17	（只招收中职毕业生，其他专业均招收高中毕业生）
39100588	市场营销	2.5	业余	理工	6
39100589	工商企业管理	2.5	业余	理工	13	（只招收中职毕业生，其他专业均招收高中毕业生）
39100590	物流管理	2.5	业余	文史	2
39100591	数控技术	2.5	业余	理工	9	（只招收中职毕业生，其他专业均招收高中毕业生）
39100592	汽车检测与维修技术	2.5	业余	理工	16
39100593	环境艺术设计	2.5	业余	文史	5	（只招收中职毕业生，其他专业均招收高中毕业生）
39100594	旅游管理	2.5	业余	理工	12
39100595	酒店管理	2.5	业余	理工	19	（只招收中职毕业生，其他专业均招收高中毕业生）
39100596	法律事务	2.5	业余	文史	8
39100597	文秘	2.5	业余	理工	15	（只招收中职毕业生，其他专业均招收高中毕业生）
39100598	国际经济与贸易	2.5	业余	理工	4
39100599	金融管理与实务	2.5	业余	文史	11	（只招收中职毕业生，其他专业均招收高中毕业生）
39100600	计算机网络技术	2.5	业余	理工	18
39100601	软件技术	2.5	业余	理工	7	（只招收中职毕业生，其他专业均招收高中毕业生）
39100602	英语教育	2.5	业余	文史	14
39100603	学前教育	2.5	业余	理工	3	（只招收中职毕业生，其他专业均招收高中毕业生）
39100604	小学教育	2.5	业余	理工	10
39100605	音乐教育	2.5	业余	文史	17	（只招收中职毕业生，其他专业均招收高中毕业生）
39100606	美术教育	2.5	业余	理工	6
39100607	体育教育	2.5	业余	理工	13	（只招收中职毕业生，其他专业均招收高中毕业生）
39100608	电气工程及其自动化	2.5	业余	文史	2
39100609	机械设计制造及其自动化	2.5	业余	理工	9	（只招收中职毕业生，其他专业均招收高中毕业生）
39100610	计算机应用技术	2.5	业余	理工	16
39100611	会计	2.5	业余	文史	5	（只招收中职毕业生，其他专业均招收高中毕业生）
39100612	电子商务	2.5	业余	理工	12
39100613	财务管理	2.5	业余	理工	19	（只招收中职毕业生，其他专业均招收高中毕业生）
39100614	工程造价	2.5	业余	文史	8
39100615	建筑工程技术	2.5	业余	理工	15	（只招收中职毕业生，其他专业均招收高中毕业生）
39100616	护理	2.5	业余	理工	4
39100617	药学	2.5	业余	文史	11	（只招收中职毕业生，其他专业均招收高中毕业生）
39100618	市场营销	2.5	业余	理工	18
39100619	工商企业管理	2.5	业余	理工	7	（只招收中职毕业生，其他专业均招收高中毕业生）
39100620	物流管理	2.5	业余	文史	14
406 河南城建学院（地址: 0371-62506654）	1350
39100621	汽车检测与维修技术	2.5	业余	理工	10
39100622	环境艺术设计	2.5	业余	文史	17	（只招收中职毕业生，其他专业均招收高中毕业生）
39100623	旅游管理	2.5	业余	理工	6
39100624	酒店管理	2.5	业余	理工	13	（只招收中职毕业生，其他专业均招收高中毕业生）
39100625	法律事务	2.5	业余	文史	2
39100626	文秘	2.5	业余	理工	9	（只招收中职毕业生，其他专业均招收高中毕业生）
39100627	国际经济与贸易	2.5	业余	理工	16
39100628	金融管理与实务	2.5	业余	文史	5	（只招收中职毕业生，其他专业均招收高中毕业生）
39100629	计算机网络技术	2.5	业余	理工	12
39100630	软件技术	2.5	业余	理工	19	（只招收中职毕业生，其他专业均招收高中毕业生）
39100631	英语教育	2.5	业余	文史	8
39100632	学前教育	2.5	业余	理工	15	（只招收中职毕业生，其他专业均招收高中毕业生）
39100633	小学教育	2.5	业余	理工	4
第45页（共44页）
2014年成人高招高中起点升专科
代码	院校及专业名称	学制
学习形式
科类
计划人数
备注
39100634	市场营销	2.5	业余	文史	14	（只招收中职毕业生，其他专业均招收高中毕业生）
39100635	工商企业管理	2.5	业余	理工	3
39100636	物流管理	2.5	业余	理工	10	（只招收中职毕业生，其他专业均招收高中毕业生）
39100637	数控技术	2.5	业余	文史	17
39100638	汽车检测与维修技术	2.5	业余	理工	6	（只招收中职毕业生，其他专业均招收高中毕业生）
39100639	环境艺术设计	2.5	业余	理工	13
39100640	旅游管理	2.5	业余	文史	2	（只招收中职毕业生，其他专业均招收高中毕业生）
39100641	酒店管理	2.5	业余	理工	9
39100642	法律事务	2.5	业余	理工	16	（只招收中职毕业生，其他专业均招收高中毕业生）
39100643	文秘	2.5	业余	文史	5
39100644	国际经济与贸易	2.5	业余	理工	12	（只招收中职毕业生，其他专业均招收高中毕业生）
39100645	金融管理与实务	2.5	业余	理工	19
403 郑州升达经贸管理学院	400
39100646	软件技术	2.5	业余	理工	15
39100647	英语教育	2.5	业余	理工	4	（只招收中职毕业生，其他专业均招收高中毕业生）
39100648	学前教育	2.5	业余	文史	11
39100649	小学教育	2.5	业余	理工	18	（只招收中职毕业生，其他专业均招收高中毕业生）
39100650	音乐教育	2.5	业余	理工	7
39100651	美术教育	2.5	业余	文史	14	（只招收中职毕业生，其他专业均招收高中毕业生）
39100652	体育教育	2.5	业余	理工	3
39100653	电气工程及其自动化	2.5	业余	理工	10	（只招收中职毕业生，其他专业均招收高中毕业生）
39100654	机械设计制造及其自动化	2.5	业余	文史	17
39100655	计算机应用技术	2.5	业余	理工	6	（只招收中职毕业生，其他专业均招收高中毕业生）
39100656	会计	2.5	业余	理工	13
39100657	电子商务	2.5	业余	文史	2	（只招收中职毕业生，其他专业均招收高中毕业生）
39100658	财务管理	2.5	业余	理工	9
39100659	工程造价	2.5	业余	理工	16	（只招收中职毕业生，其他专业均招收高中毕业生）
39100660	建筑工程技术	2.5	业余	文史	5
39100661	护理	2.5	业余	理工	12	（只招收中职毕业生，其他专业均招收高中毕业生）
39100662	药学	2.5	业余	理工	19
39100663	市场营销	2.5	业余	文史	8	（只招收中职毕业生，其他专业均招收高中毕业生）
39100664	工商企业管理	2.5	业余	理工	15
39100665	物流管理	2.5	业余	理工	4	（只招收中职毕业生，其他专业均招收高中毕业生）
39100666	数控技术	2.5	业余	文史	11
39100667	汽车检测与维修技术	2.5	业余	理工	18	（只招收中职毕业生，其他专业均招收高中毕业生）
39100668	环境艺术设计	2.5	业余	理工	7
39100669	旅游管理	2.5	业余	文史	14	（只招收中职毕业生，其他专业均招收高中毕业生）
39100670	酒店管理	2.5	业余	理工	3
39100671	法律事务	2.5	业余	理工	10	（只招收中职毕业生，其他专业均招收高中毕业生）
39100672	文秘	2.5	业余	文史	17
39100673	国际经济与贸易	2.5	业余	理工	6	（只招收中职毕业生，其他专业均招收高中毕业生）
39100674	金融管理与实务	2.5	业余	理工	13
39100675	计算机网络技术	2.5	业余	文史	2	（只招收中职毕业生，其他专业均招收高中毕业生）
39100676	软件技术	2.5	业余	理工	9
39100677	英语教育	2.5	业余	理工	16	（只招收中职毕业生，其他专业均招收高中毕业生）
39100678	学前教育	2.5	业余	文史	5
39100679	小学教育	2.5	业余	理工	12	（只招收中职毕业生，其他专业均招收高中毕业生）
39100680	音乐教育	2.5	业余	理工	19
39100681	美术教育	2.5	业余	文史	8	（只招收中职毕业生，其他专业均招收高中毕业生）
39100682	体育教育	2.5	业余	理工	15
39100683	电气工程及其自动化	2.5	业余	理工	4	（只招收中职毕业生，其他专业均招收高中毕业生）
39100684	机械设计制造及其自动化	2.5	业余	文史	11
39100685	计算机应用技术	2.5	业余	理工	18	（只招收中职毕业生，其他专业均招收高中毕业生）
39100686	会计	2.5	业余	理工	7
第46页（共44页）
2014年成人高招高中起点升专科
代码	院校及专业名称	学制
学习形式
科类
计划人数
备注
39100687	酒店管理	2.5	业余	文史	17	（只招收中职毕业生，其他专业均招收高中毕业生）
39100688	法律事务	2.5	业余	理工	6
39100689	文秘	2.5	业余	理工	13	（只招收中职毕业生，其他专业均招收高中毕业生）
39100690	国际经济与贸易	2.5	业余	文史	2
39100691	金融管理与实务	2.5	业余	理工	9	（只招收中职毕业生，其他专业均招收高中毕业生）
39100692	计算机网络技术	2.5	业余	理工	16
39100693	软件技术	2.5	业余	文史	5	（只招收中职毕业生，其他专业均招收高中毕业生）
39100694	英语教育	2.5	业余	理工	12
39100695	学前教育	2.5	业余	理工	19	（只招收中职毕业生，其他专业均招收高中毕业生）
39100696	小学教育	2.5	业余	文史	8
39100697	音乐教育	2.5	业余	理工	15	（只招收中职毕业生，其他专业均招收高中毕业生）
39100698	美术教育	2.5	业余	理工	4
39100699	体育教育	2.5	业余	文史	11	（只招收中职毕业生，其他专业均招收高中毕业生）
39100700	电气工程及其自动化	2.5	业余	理工	18
39100701	机械设计制造及其自动化	2.5	业余	理工	7	（只招收中职毕业生，其他专业均招收高中毕业生）
39100702	计算机应用技术	2.5	业余	文史	14
39100703	会计	2.5	业余	理工	3	（只招收中职毕业生，其他专业均招收高中毕业生）
39100704	电子商务	2.5	业余	理工	10
39100705	财务管理	2.5	业余	文史	17	（只招收中职毕业生，其他专业均招收高中毕业生）
39100706	工程造价	2.5	业余	理工	6
39100707	建筑工程技术	2.5	业余	理工	13	（只招收中职毕业生，其他专业均招收高中毕业生）
39100708	护理	2.5	业余	文史	2
39100709	药学	2.5	业余	理工	9	（只招收中职毕业生，其他专业均招收高中毕业生）
39100710	市场营销	2.5	业余	理工	16
39100711	工商企业管理	2.5	业余	文史	5	（只招收中职毕业生，其他专业均招收高中毕业生）
39100712	物流管理	2.5	业余	理工	12
39100713	数控技术	2.5	业余	理工	19	（只招收中职毕业生，其他专业均招收高中毕业生）
39100714	汽车检测与维修技术	2.5	业余	文史	8
39100715	环境艺术设计	2.5	业余	理工	15	（只招收中职毕业生，其他专业均招收高中毕业生）
39100716	旅游管理	2.5	业余	理工	4
39100717	酒店管理	2.5	业余	文史	11	（只招收中职毕业生，其他专业均招收高中毕业生）
39100718	法律事务	2.5	业余	理工	18
39100719	文秘	2.5	业余	理工	7	（只招收中职毕业生，其他专业均招收高中毕业生）
39100720	国际经济与贸易	2.5	业余	文史	14
39100721	金融管理与实务	2.5	业余	理工	3	（只招收中职毕业生，其他专业均招收高中毕业生）
39100722	计算机网络技术	2.5	业余	理工	10
39100723	软件技术	2.5	业余	文史	17	（只招收中职毕业生，其他专业均招收高中毕业生）
39100724	英语教育	2.5	业余	理工	6
39100725	学前教育	2.5	业余	理工	13	（只招收中职毕业生，其他专业均招收高中毕业生）
39100726	小学教育	2.5	业余	文史	2
39100727	音乐教育	2.5	业余	理工	9	（只招收中职毕业生，其他专业均招收高中毕业生）
39100728	美术教育	2.5	业余	理工	16
39100729	体育教育	2.5	业余	文史	5	（只招收中职毕业生，其他专业均招收高中毕业生）
39100730	电气工程及其自动化	2.5	业余	理工	12
39100731	机械设计制造及其自动化	2.5	业余	理工	19	（只招收中职毕业生，其他专业均招收高中毕业生）
39100732	计算机应用技术	2.5	业余	文史	8
39100733	会计	2.5	业余	理工	15	（只招收中职毕业生，其他专业均招收高中毕业生）
39100734	电子商务	2.5	业余	理工	4
39100735	财务管理	2.5	业余	文史	11	（只招收中职毕业生，其他专业均招收高中毕业生）
39100736	工程造价	2.5	业余	理工	18
39100737	建筑工程技术	2.5	业余	理工	7	（只招收中职毕业生，其他专业均招收高中毕业生）
39100738	护理	2.5	业余	文史	14
39100739	药学	2.5	业余	理工	3	（只招收中职毕业生，其他专业均招收高中毕业生）
39100740	市场营销	2.5	业余	理工	10
第47页（共44页）
2014年成人高招高中起点升专科
代码	院校及专业名称	学制
学习形式
科类
计划人数
备注
39100741	英语教育	2.5	业余	文史	2	（只招收中职毕业生，其他专业均招收高中毕业生）
39100742	学前教育	2.5	业余	理工	9
39100743	小学教育	2.5	业余	理工	16	（只招收中职毕业生，其他专业均招收高中毕业生）
39100744	音乐教育	2.5	业余	文史	5
39100745	美术教育	2.5	业余	理工	12	（只招收中职毕业生，其他专业均招收高中毕业生）
39100746	体育教育	2.5	业余	理工	19
39100747	电气工程及其自动化	2.5	业余	文史	8	（只招收中职毕业生，其他专业均招收高中毕业生）
39100748	机械设计制造及其自动化	2.5	业余	理工	15
39100749	计算机应用技术	2.5	业余	理工	4	（只招收中职毕业生，其他专业均招收高中毕业生）
39100750	会计	2.5	业余	文史	11
39100751	电子商务	2.5	业余	理工	18	（只招收中职毕业生，其他专业均招收高中毕业生）
39100752	财务管理	2.5	业余	理工	7
39100753	工程造价	2.5	业余	文史	14	（只招收中职毕业生，其他专业均招收高中毕业生）
39100754	建筑工程技术	2.5	业余	理工	3
39100755	护理	2.5	业余	理工	10	（只招收中职毕业生，其他专业均招收高中毕业生）
39100756	药学	2.5	业余	文史	17
39100757	市场营销	2.5	业余	理工	6	（只招收中职毕业生，其他专业均招收高中毕业生）
39100758	工商企业管理	2.5	业余	理工	13
39100759	物流管理	2.5	业余	文史	2	（只招收中职毕业生，其他专业均招收高中毕业生）
39100760	数控技术	2.5	业余	理工	9
39100761	汽车检测与维修技术	2.5	业余	理工	16	（只招收中职毕业生，其他专业均招收高中毕业生）
39100762	环境艺术设计	2.5	业余	文史	5
39100763	旅游管理	2.5	业余	理工	12	（只招收中职毕业生，其他专业均招收高中毕业生）
39100764	酒店管理	2.5	业余	理工	19
39100765	法律事务	2.5	业余	文史	8	（只招收中职毕业生，其他专业均招收高中毕业生）
39100766	文秘	2.5	业余	理工	15
39100767	国际经济与贸易	2.5	业余	理工	4	（只招收中职毕业生，其他专业均招收高中毕业生）
39100768	金融管理与实务	2.5	业余	文史	11
39100769	计算机网络技术	2.5	业余	理工	18	（只招收中职毕业生，其他专业均招收高中毕业生）
39100770	软件技术	2.5	业余	理工	7
39100771	英语教育	2.5	业余	文史	14	（只招收中职毕业生，其他专业均招收高中毕业生）
39100772	学前教育	2.5	业余	理工	3
39100773	小学教育	2.5	业余	理工	10	（只招收中职毕业生，其他专业均招收高中毕业生）
39100774	音乐教育	2.5	业余	文史	17
39100775	美术教育	2.5	业余	理工	6	（只招收中职毕业生，其他专业均招收高中毕业生）
39100776	体育教育	2.5	业余	理工	13
39100777	电气工程及其自动化	2.5	业余	文史	2	（只招收中职毕业生，其他专业均招收高中毕业生）
39100778	机械设计制造及其自动化	2.5	业余	理工	9
39100779	计算机应用技术	2.5	业余	理工	16	（只招收中职毕业生，其他专业均招收高中毕业生）
39100780	会计	2.5	业余	文史	5
391 河南工业大学（地址:0371-67789088）	167
39100781	财务管理	2.5	业余	理工	19
39100782	工程造价	2.5	业余	文史	8	（只招收中职毕业生，其他专业均招收高中毕业生）
39100783	建筑工程技术	2.5	业余	理工	15
39100784	护理	2.5	业余	理工	4	（只招收中职毕业生，其他专业均招收高中毕业生）
39100785	药学	2.5	业余	文史	11
39100786	市场营销	2.5	业余	理工	18	（只招收中职毕业生，其他专业均招收高中毕业生）
39100787	工商企业管理	2.5	业余	理工	7
39100788	物流管理	2.5	业余	文史	14	（只招收中职毕业生，其他专业均招收高中毕业生）
39100789	数控技术	2.5	业余	理工	3
39100790	汽车检测与维修技术	2.5	业余	理工	10	（只招收中职毕业生，其他专业均招收高中毕业生）
39100791	环境艺术设计	2.5	业余	文史	17
39100792	旅游管理	2.5	业余	理工	6	（只招收中职毕业生，其他专业均招收高中毕业生）
39100793	酒店管理	2.5	业余	理工	13
第48页（共44页）
2014年成人高招高中起点升专科
代码	院校及专业名称	学制
学习形式
科类
计划人数
备注
39100794	机械设计制造及其自动化	2.5	业余	文史	5	（只招收中职毕业生，其他专业均招收高中毕业生）
39100795	计算机应用技术	2.5	业余	理工	12
39100796	会计	2.5	业余	理工	19	（只招收中职毕业生，其他专业均招收高中毕业生）
39100797	电子商务	2.5	业余	文史	8
39100798	财务管理	2.5	业余	理工	15	（只招收中职毕业生，其他专业均招收高中毕业生）
39100799	工程造价	2.5	业余	理工	4
39100800	建筑工程技术	2.5	业余	文史	11	（只招收中职毕业生，其他专业均招收高中毕业生）
39100801	护理	2.5	业余	理工	18
39100802	药学	2.5	业余	理工	7	（只招收中职毕业生，其他专业均招收高中毕业生）
39100803	市场营销	2.5	业余	文史	14
39100804	工商企业管理	2.5	业余	理工	3	（只招收中职毕业生，其他专业均招收高中毕业生）
39100805	物流管理	2.5	业余	理工	10
398 中原工学院（地址: 0371-62506652）	1800
39100806	汽车检测与维修技术	2.5	业余	理工	6
39100807	环境艺术设计	2.5	业余	理工	13	（只招收中职毕业生，其他专业均招收高中毕业生）
39100808	旅游管理	2.5	业余	文史	2
39100809	酒店管理	2.5	业余	理工	9	（只招收中职毕业生，其他专业均招收高中毕业生）
39100810	法律事务	2.5	业余	理工	16
39100811	文秘	2.5	业余	文史	5	（只招收中职毕业生，其他专业均招收高中毕业生）
39100812	国际经济与贸易	2.5	业余	理工	12
39100813	金融管理与实务	2.5	业余	理工	19	（只招收中职毕业生，其他专业均招收高中毕业生）
39100814	计算机网络技术	2.5	业余	文史	8
39100815	软件技术	2.5	业余	理工	15	（只招收中职毕业生，其他专业均招收高中毕业生）
39100816	英语教育	2.5	业余	理工	4
39100817	学前教育	2.5	业余	文史	11	（只招收中职毕业生，其他专业均招收高中毕业生）
39100818	小学教育	2.5	业余	理工	18
39100819	音乐教育	2.5	业余	理工	7	（只招收中职毕业生，其他专业均招收高中毕业生）
39100820	美术教育	2.5	业余	文史	14
39100821	体育教育	2.5	业余	理工	3	（只招收中职毕业生，其他专业均招收高中毕业生）
39100822	电气工程及其自动化	2.5	业余	理工	10
39100823	机械设计制造及其自动化	2.5	业余	文史	17	（只招收中职毕业生，其他专业均招收高中毕业生）
39100824	计算机应用技术	2.5	业余	理工	6
39100825	会计	2.5	业余	理工	13	（只招收中职毕业生，其他专业均招收高中毕业生）
39100826	电子商务	2.5	业余	文史	2
39100827	财务管理	2.5	业余	理工	9	（只招收中职毕业生，其他专业均招收高中毕业生）
39100828	工程造价	2.5	业余	理工	16
39100829	建筑工程技术	2.5	业余	文史	5	（只招收中职毕业生，其他专业均招收高中毕业生）
39100830	护理	2.5	业余	理工	12
39100831	药学	2.5	业余	理工	19	（只招收中职毕业生，其他专业均招收高中毕业生）
39100832	市场营销	2.5	业余	文史	8
39100833	工商企业管理	2.5	业余	理工	15	（只招收中职毕业生，其他专业均招收高中毕业生）
39100834	物流管理	2.5	业余	理工	4
39100835	数控技术	2.5	业余	文史	11	（只招收中职毕业生，其他专业均招收高中毕业生）
39100836	汽车检测与维修技术	2.5	业余	理工	18
39100837	环境艺术设计	2.5	业余	理工	7	（只招收中职毕业生，其他专业均招收高中毕业生）
39100838	旅游管理	2.5	业余	文史	14
39100839	酒店管理	2.5	业余	理工	3	（只招收中职毕业生，其他专业均招收高中毕业生）
39100840	法律事务	2.5	业余	理工	10
39100841	文秘	2.5	业余	文史	17	（只招收中职毕业生，其他专业均招收高中毕业生）
39100842	国际经济与贸易	2.5	业余	理工	6
39100843	金融管理与实务	2.5	业余	理工	13	（只招收中职毕业生，其他专业均招收高中毕业生）
39100844	计算机网络技术	2.5	业余	文史	2
39100845	软件技术	2.5	业余	理工	9	（只招收中职毕业生，其他专业均招收高中毕业生）
39100846	英语教育	2.5	业余	理工	16
第49页（共44页）
